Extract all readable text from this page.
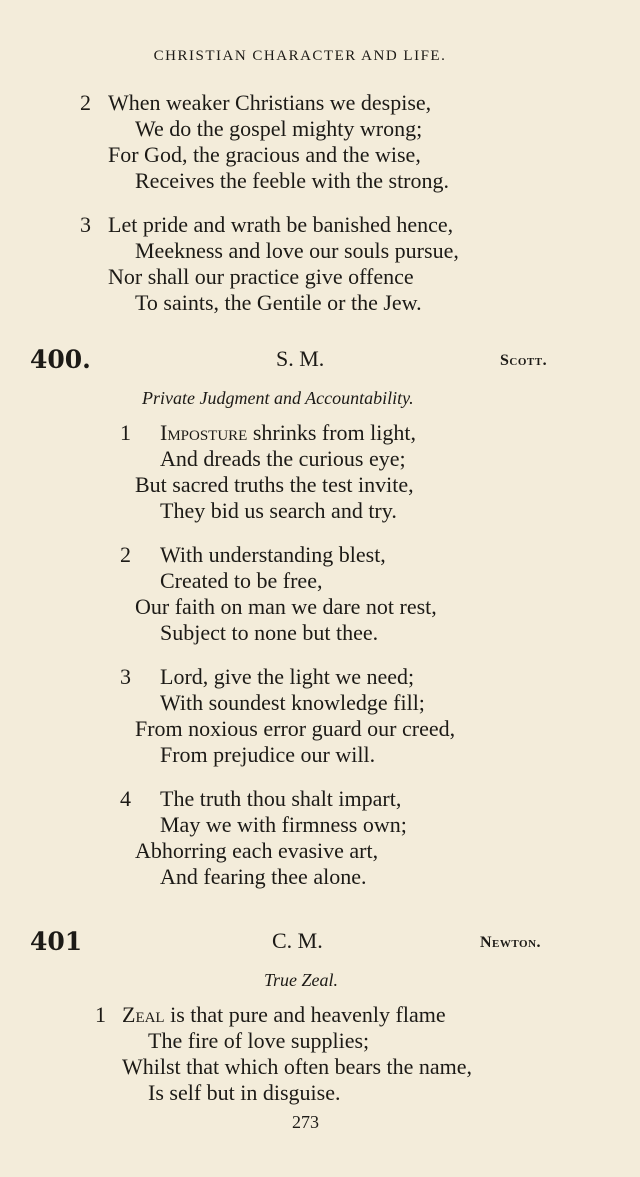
CHRISTIAN CHARACTER AND LIFE.
2 When weaker Christians we despise,
We do the gospel mighty wrong;
For God, the gracious and the wise,
Receives the feeble with the strong.
3 Let pride and wrath be banished hence,
Meekness and love our souls pursue,
Nor shall our practice give offence
To saints, the Gentile or the Jew.
400.	S. M.	Scott.
Private Judgment and Accountability.
1 Imposture shrinks from light,
And dreads the curious eye;
But sacred truths the test invite,
They bid us search and try.
2 With understanding blest,
Created to be free,
Our faith on man we dare not rest,
Subject to none but thee.
3 Lord, give the light we need;
With soundest knowledge fill;
From noxious error guard our creed,
From prejudice our will.
4 The truth thou shalt impart,
May we with firmness own;
Abhorring each evasive art,
And fearing thee alone.
401	C. M.	Newton.
True Zeal.
1 Zeal is that pure and heavenly flame
The fire of love supplies;
Whilst that which often bears the name,
Is self but in disguise.
273
